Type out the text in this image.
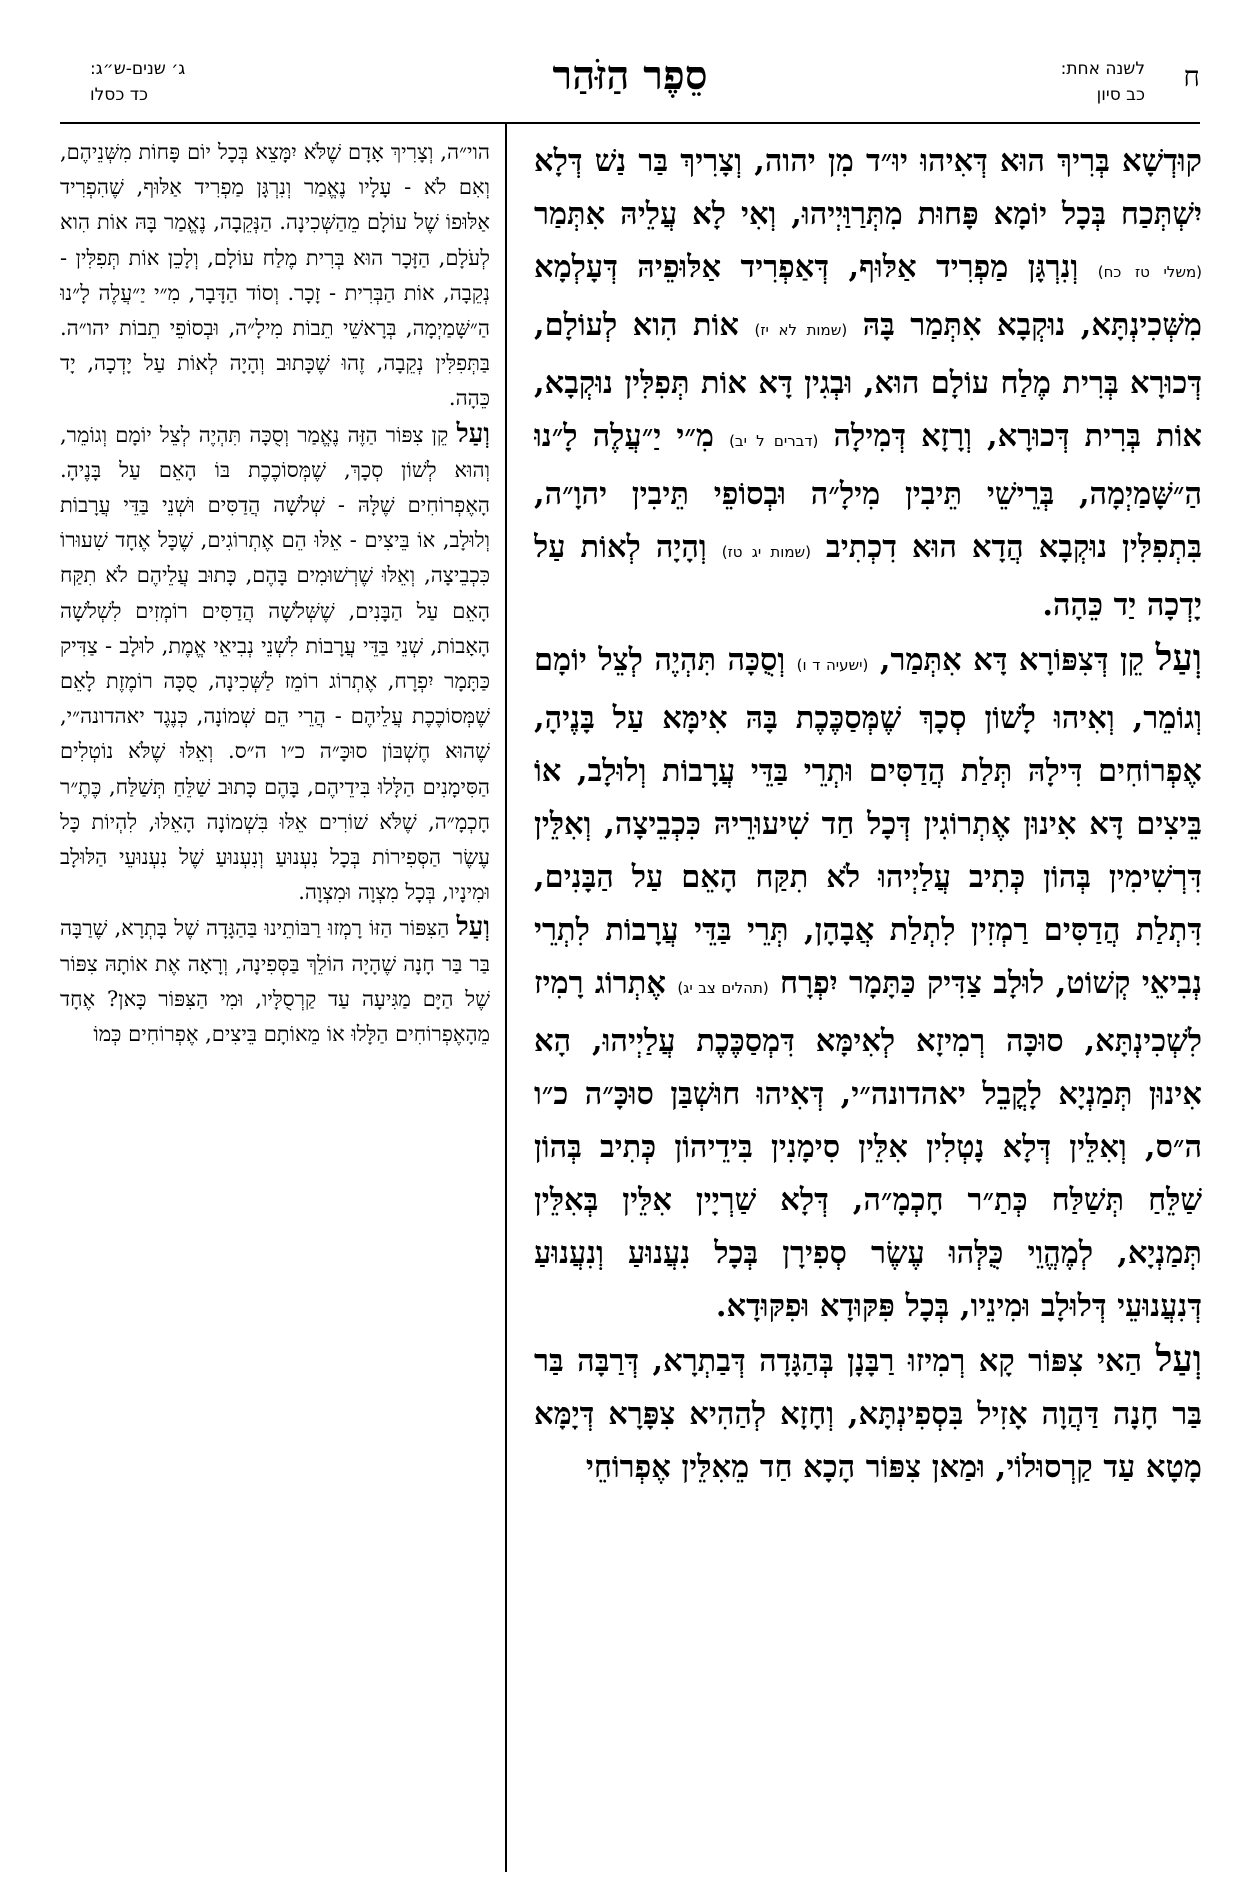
ח
לשנה אחת:
כב סיון
סֵפֶר הַזֹּהַר
ג׳ שנים-ש״ג:
כד כסלו

קוּדְשָׁא בְּרִיךְ הוּא דְּאִיהוּ יוּ״ד מִן יהוה, וְצָרִיךְ בַּר נַשׁ דְּלָא יִשְׁתְּכַח בְּכָל יוֹמָא פָּחוּת מִתְּרַוַּיְיהוּ, וְאִי לָא עֲלֵיהּ אִתְּמַר (משלי טז כח) וְנִרְגָּן מַפְרִיד אַלּוּף, דְּאַפְרִיד אַלּוּפֵיהּ דְּעָלְמָא מִשְּׁכִינְתָּא, נוּקְבָא אִתְּמַר בָּהּ (שמות לא יז) אוֹת הִוא לְעוֹלָם, דְּכוּרָא בְּרִית מֶלַח עוֹלָם הוּא, וּבְגִין דָּא אוֹת תְּפִלִּין נוּקְבָא, אוֹת בְּרִית דְּכוּרָא, וְרָזָא דְּמִילָה (דברים ל יב) מִ״י יַ״עֲלֶה לָ״נוּ הַ״שָּׁמַיְמָה, בְּרֵישֵׁי תֵּיבִין מִילָ״ה וּבְסוֹפֵי תֵּיבִין יהוָ״ה, בִּתְפִלִּין נוּקְבָא הֲדָא הוּא דִכְתִיב (שמות יג טז) וְהָיָה לְאוֹת עַל יָדְכָה יַד כֵּהָה.

וְעַל קֵן דְּצִפּוֹרָא דָּא אִתְּמַר, (ישעיה ד ו) וְסֻכָּה תִּהְיֶה לְצֵל יוֹמָם וְגוֹמֵר, וְאִיהוּ לָשׁוֹן סְכָךְ שֶׁמְּסַכֶּכֶת בָּהּ אִימָּא עַל בָּנֶיהָ, אֶפְרוֹחִים דִּילָהּ תְּלַת הֲדַסִּים וּתְרֵי בַּדֵּי עֲרָבוֹת וְלוּלָב, אוֹ בֵּיצִים דָּא אִינוּן אֶתְרוֹגִין דְּכָל חַד שִׁיעוּרֵיהּ כִּכְבֵיצָה, וְאִלֵּין דִּרְשִׁימִין בְּהוֹן כְּתִיב עֲלַיְיהוּ לֹא תִקַּח הָאֵם עַל הַבָּנִים, דִּתְלַת הֲדַסִּים רַמְזִין לִתְלַת אֲבָהָן, תְּרֵי בַּדֵּי עֲרָבוֹת לִתְרֵי נְבִיאֵי קְשׁוֹט, לוּלָב צַדִּיק כַּתָּמָר יִפְרָח (תהלים צב יג) אֶתְרוֹג רָמִיז לִשְׁכִינְתָּא, סוּכָּה רְמִיזָא לְאִימָּא דִּמְסַכֶּכֶת עֲלַיְיהוּ, הָא אִינוּן תְּמַנְיָא לָקֳבֵל יאהדונה״י, דְּאִיהוּ חוּשְׁבַּן סוּכָּ״ה כ״ו ה״ס, וְאִלֵּין דְּלָא נָטְלִין אִלֵּין סִימָנִין בִּידֵיהוֹן כְּתִיב בְּהוֹן שַׁלֵּחַ תְּשַׁלַּח כְּתַ״ר חָכְמָ״ה, דְּלָא שַׁרְיָין אִלֵּין בְּאִלֵּין תְּמַנְיָא, לְמֶהֱוֵי כֻּלְּהוּ עֶשֶׂר סְפִירָן בְּכָל נִעֲנוּעַ וְנִעֲנוּעַ דְּנִעֲנוּעֵי דְּלוּלָב וּמִינֵיו, בְּכָל פִּקּוּדָא וּפִקּוּדָא.

וְעַל הַאי צִפּוֹר קָא רְמִיזוּ רַבָּנָן בְּהַגָּדָה דְּבַתְרָא, דְּרַבָּה בַּר בַּר חָנָה דַּהֲוָה אָזִיל בִּסְפִינְתָּא, וְחָזָא לְהַהִיא צִפָּרָא דְּיָמָּא מָטָא עַד קַרְסוּלוֹי, וּמַאן צִפּוֹר הָכָא חַד מֵאִלֵּין אֶפְרוֹחֵי

הוי״ה, וְצָרִיךְ אָדָם שֶׁלֹּא יִמָּצֵא בְּכָל יוֹם פָּחוֹת מִשְּׁנֵיהֶם, וְאִם לֹא - עָלָיו נֶאֱמַר וְנִרְגָּן מַפְרִיד אַלּוּף, שֶׁהִפְרִיד אַלּוּפוֹ שֶׁל עוֹלָם מֵהַשְּׁכִינָה. הַנְּקֵבָה, נֶאֱמַר בָּהּ אוֹת הִוא לְעֹלָם, הַזָּכָר הוּא בְּרִית מֶלַח עוֹלָם, וְלָכֵן אוֹת תְּפִלִּין - נְקֵבָה, אוֹת הַבְּרִית - זָכָר. וְסוֹד הַדָּבָר, מִ״י יַ״עֲלֶה לָ״נוּ הַ״שָּׁמַיְמָה, בְּרָאשֵׁי תֵבוֹת מִילָ״ה, וּבְסוֹפֵי תֵבוֹת יהו״ה. בַּתְּפִלִּין נְקֵבָה, זֶהוּ שֶׁכָּתוּב וְהָיָה לְאוֹת עַל יָדְכָה, יָד כֵּהָה.

וְעַל קֵן צִפּוֹר הַזֶּה נֶאֱמַר וְסֻכָּה תִּהְיֶה לְצֵל יוֹמָם וְגוֹמֵר, וְהוּא לְשׁוֹן סְכָךְ, שֶׁמְּסוֹכֶכֶת בּוֹ הָאֵם עַל בָּנֶיהָ. הָאֶפְרוֹחִים שֶׁלָּהּ - שְׁלֹשָׁה הֲדַסִּים וּשְׁנֵי בַּדֵּי עֲרָבוֹת וְלוּלָב, אוֹ בֵּיצִים - אֵלּוּ הֵם אֶתְרוֹגִים, שֶׁכָּל אֶחָד שִׁעוּרוֹ כִּכְבֵיצָה, וְאֵלּוּ שֶׁרְשׁוּמִים בָּהֶם, כָּתוּב עֲלֵיהֶם לֹא תִקַּח הָאֵם עַל הַבָּנִים, שֶׁשְּׁלֹשָׁה הֲדַסִּים רוֹמְזִים לִשְׁלֹשָׁה הָאָבוֹת, שְׁנֵי בַּדֵּי עֲרָבוֹת לִשְׁנֵי נְבִיאֵי אֱמֶת, לוּלָב - צַדִּיק כַּתָּמָר יִפְרָח, אֶתְרוֹג רוֹמֵז לַשְּׁכִינָה, סֻכָּה רוֹמֶזֶת לָאֵם שֶׁמְּסוֹכֶכֶת עֲלֵיהֶם - הֲרֵי הֵם שְׁמוֹנָה, כְּנֶגֶד יאהדונה״י, שֶׁהוּא חֶשְׁבּוֹן סוּכָּ״ה כ״ו ה״ס. וְאֵלּוּ שֶׁלֹּא נוֹטְלִים הַסִּימָנִים הַלָּלוּ בִּידֵיהֶם, בָּהֶם כָּתוּב שַׁלֵּחַ תְּשַׁלַּח, כֶּתֶ״ר חָכְמָ״ה, שֶׁלֹּא שׁוֹרִים אֵלּוּ בִּשְׁמוֹנָה הָאֵלּוּ, לִהְיוֹת כָּל עֶשֶׂר הַסְּפִירוֹת בְּכָל נִעְנוּעַ וְנִעְנוּעַ שֶׁל נִעְנוּעֵי הַלּוּלָב וּמִינָיו, בְּכָל מִצְוָה וּמִצְוָה.

וְעַל הַצִּפּוֹר הַזּוֹ רָמְזוּ רַבּוֹתֵינוּ בַּהַגָּדָה שֶׁל בָּתְרָא, שֶׁרַבָּה בַּר בַּר חָנָה שֶׁהָיָה הוֹלֵךְ בַּסְּפִינָה, וְרָאָה אֶת אוֹתָהּ צִפּוֹר שֶׁל הַיָּם מַגִּיעָה עַד קַרְסֻלָּיו, וּמִי הַצִּפּוֹר כָּאן? אֶחָד מֵהָאֶפְרוֹחִים הַלָּלוּ אוֹ מֵאוֹתָם בֵּיצִים, אֶפְרוֹחִים כְּמוֹ
